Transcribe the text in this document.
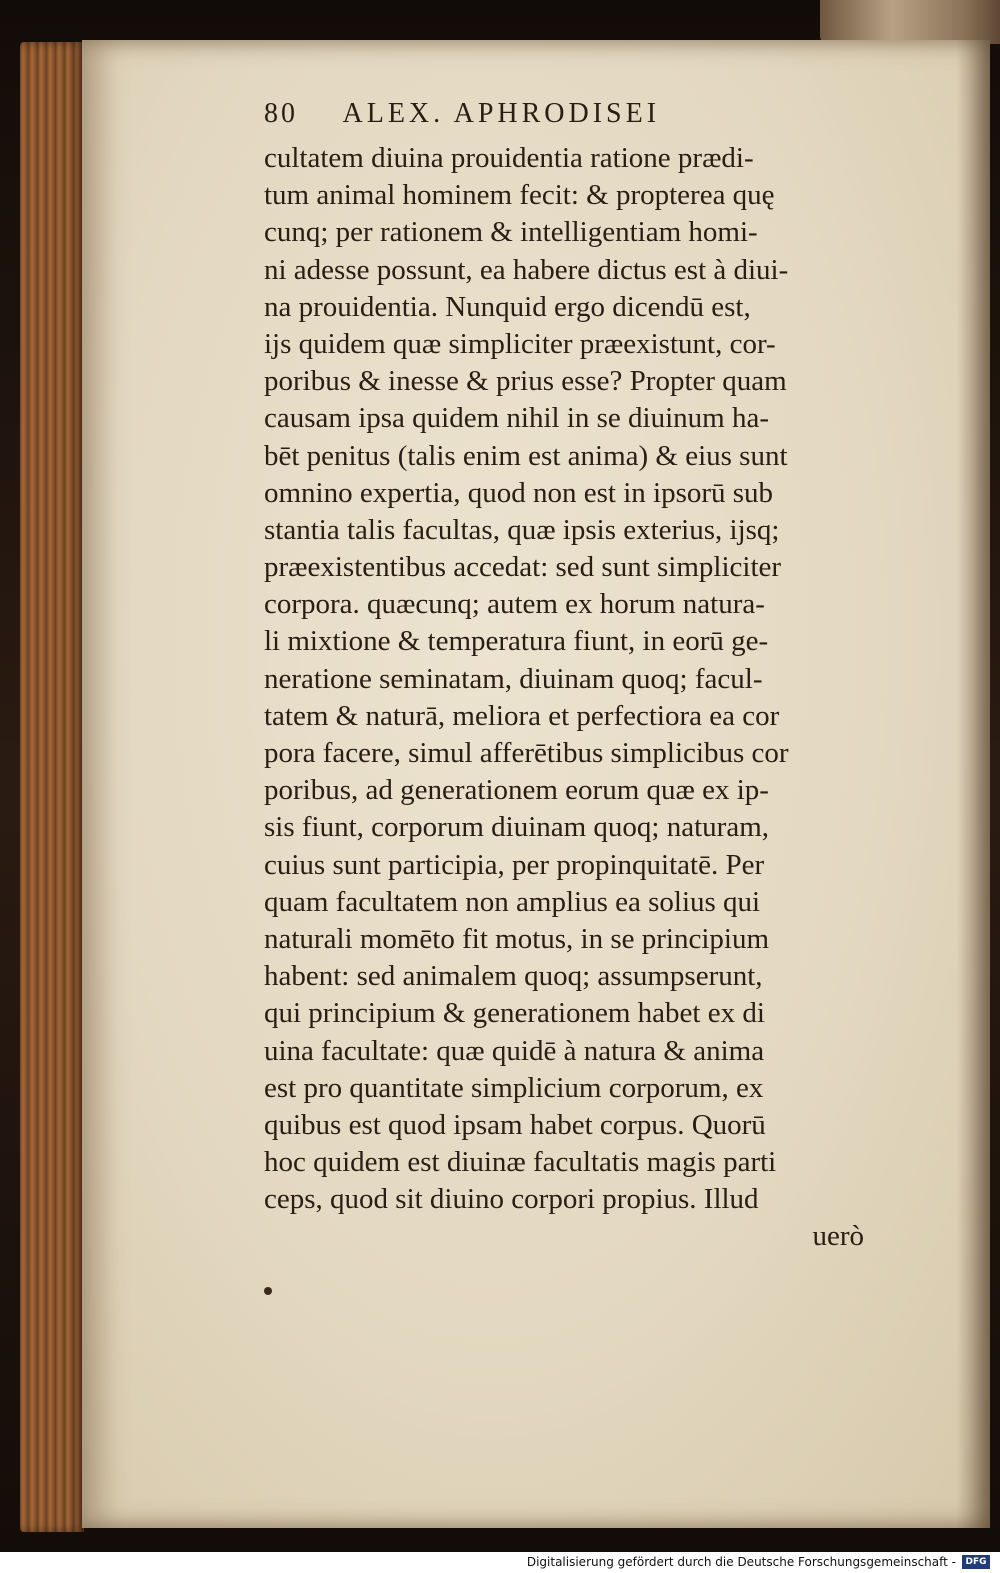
80 ALEX. APHRODISEI
cultatem diuina prouidentia ratione prædi-
tum animal hominem fecit: & propterea quę
cunq; per rationem & intelligentiam homi-
ni adesse possunt, ea habere dictus est à diui-
na prouidentia. Nunquid ergo dicendū est,
ijs quidem quæ simpliciter præexistunt, cor-
poribus & inesse & prius esse? Propter quam
causam ipsa quidem nihil in se diuinum ha-
bēt penitus (talis enim est anima) & eius sunt
omnino expertia, quod non est in ipsorū sub
stantia talis facultas, quæ ipsis exterius, ijsq;
præexistentibus accedat: sed sunt simpliciter
corpora. quæcunq; autem ex horum natura-
li mixtione & temperatura fiunt, in eorū ge-
neratione seminatam, diuinam quoq; facul-
tatem & naturā, meliora et perfectiora ea cor
pora facere, simul afferētibus simplicibus cor
poribus, ad generationem eorum quæ ex ip-
sis fiunt, corporum diuinam quoq; naturam,
cuius sunt participia, per propinquitatē. Per
quam facultatem non amplius ea solius qui
naturali momēto fit motus, in se principium
habent: sed animalem quoq; assumpserunt,
qui principium & generationem habet ex di
uina facultate: quæ quidē à natura & anima
est pro quantitate simplicium corporum, ex
quibus est quod ipsam habet corpus. Quorū
hoc quidem est diuinæ facultatis magis parti
ceps, quod sit diuino corpori propius. Illud
uerò
Digitalisierung gefördert durch die Deutsche Forschungsgemeinschaft -	DFG
